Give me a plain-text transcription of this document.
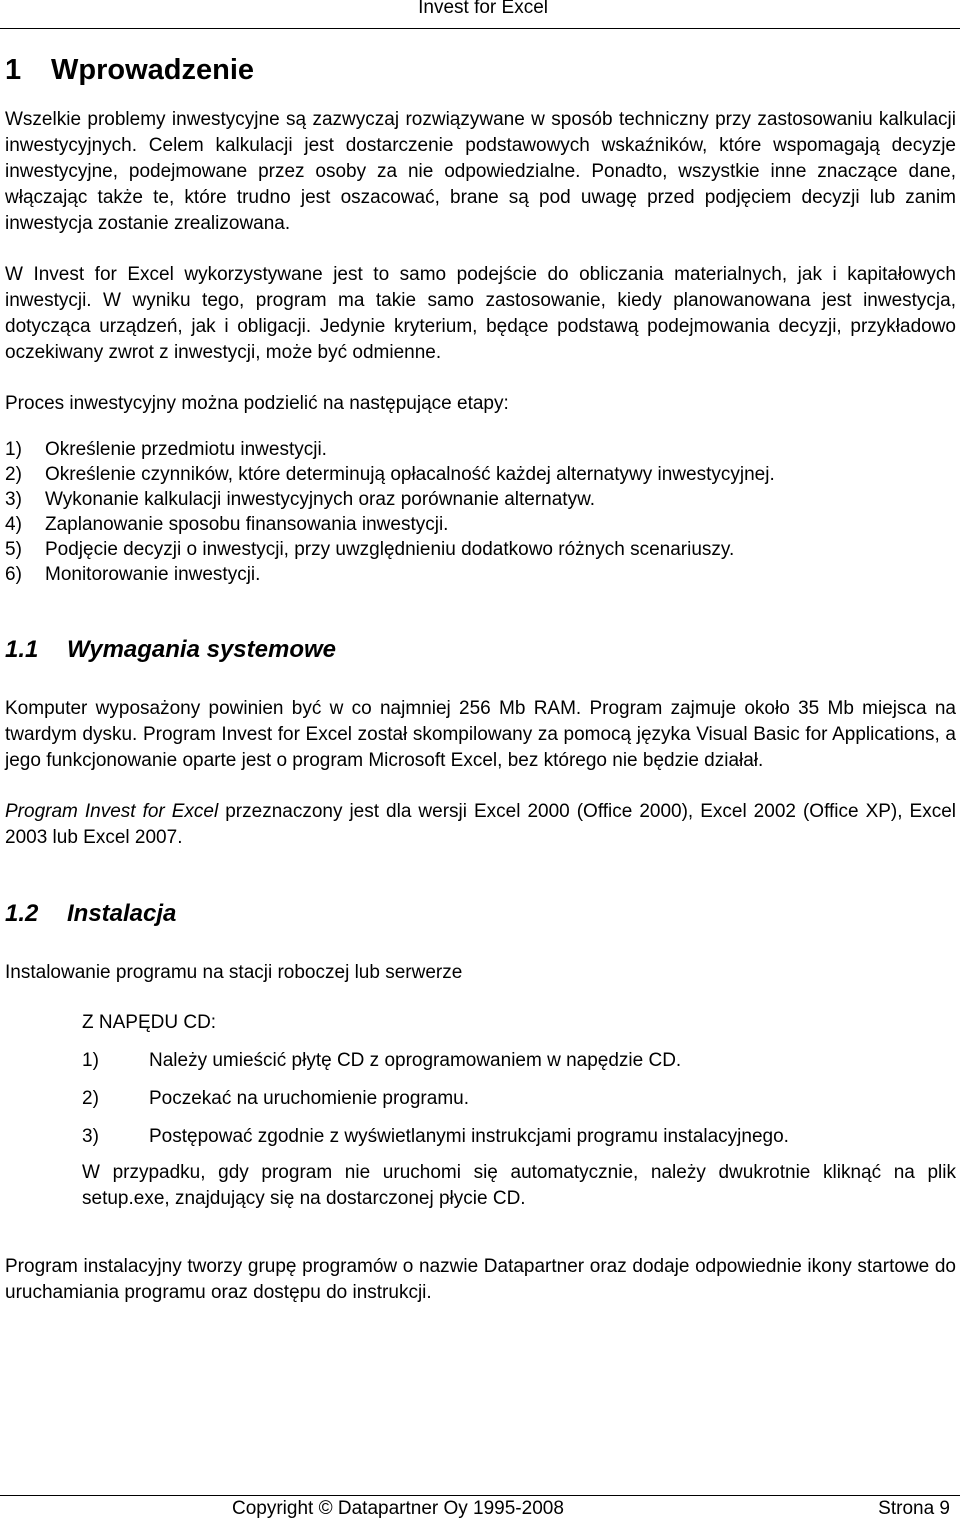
Invest for Excel
1 Wprowadzenie

Wszelkie problemy inwestycyjne są zazwyczaj rozwiązywane w sposób techniczny przy zastosowaniu kalkulacji inwestycyjnych. Celem kalkulacji jest dostarczenie podstawowych wskaźników, które wspomagają decyzje inwestycyjne, podejmowane przez osoby za nie odpowiedzialne. Ponadto, wszystkie inne znaczące dane, włączając także te, które trudno jest oszacować, brane są pod uwagę przed podjęciem decyzji lub zanim inwestycja zostanie zrealizowana.

W Invest for Excel wykorzystywane jest to samo podejście do obliczania materialnych, jak i kapitałowych inwestycji. W wyniku tego, program ma takie samo zastosowanie, kiedy planowanowana jest inwestycja, dotycząca urządzeń, jak i obligacji. Jedynie kryterium, będące podstawą podejmowania decyzji, przykładowo oczekiwany zwrot z inwestycji, może być odmienne.

Proces inwestycyjny można podzielić na następujące etapy:

1) Określenie przedmiotu inwestycji.
2) Określenie czynników, które determinują opłacalność każdej alternatywy inwestycyjnej.
3) Wykonanie kalkulacji inwestycyjnych oraz porównanie alternatyw.
4) Zaplanowanie sposobu finansowania inwestycji.
5) Podjęcie decyzji o inwestycji, przy uwzględnieniu dodatkowo różnych scenariuszy.
6) Monitorowanie inwestycji.
1.1 Wymagania systemowe

Komputer wyposażony powinien być w co najmniej 256 Mb RAM. Program zajmuje około 35 Mb miejsca na twardym dysku. Program Invest for Excel został skompilowany za pomocą języka Visual Basic for Applications, a jego funkcjonowanie oparte jest o program Microsoft Excel, bez którego nie będzie działał.

Program Invest for Excel przeznaczony jest dla wersji Excel 2000 (Office 2000), Excel 2002 (Office XP), Excel 2003 lub Excel 2007.

1.2 Instalacja

Instalowanie programu na stacji roboczej lub serwerze

Z NAPĘDU CD:

1)	Należy umieścić płytę CD z oprogramowaniem w napędzie CD.
2)	Poczekać na uruchomienie programu.
3)	Postępować zgodnie z wyświetlanymi instrukcjami programu instalacyjnego.

W przypadku, gdy program nie uruchomi się automatycznie, należy dwukrotnie kliknąć na plik setup.exe, znajdujący się na dostarczonej płycie CD.

Program instalacyjny tworzy grupę programów o nazwie Datapartner oraz dodaje odpowiednie ikony startowe do uruchamiania programu oraz dostępu do instrukcji.

Copyright © Datapartner Oy 1995-2008	Strona 9
